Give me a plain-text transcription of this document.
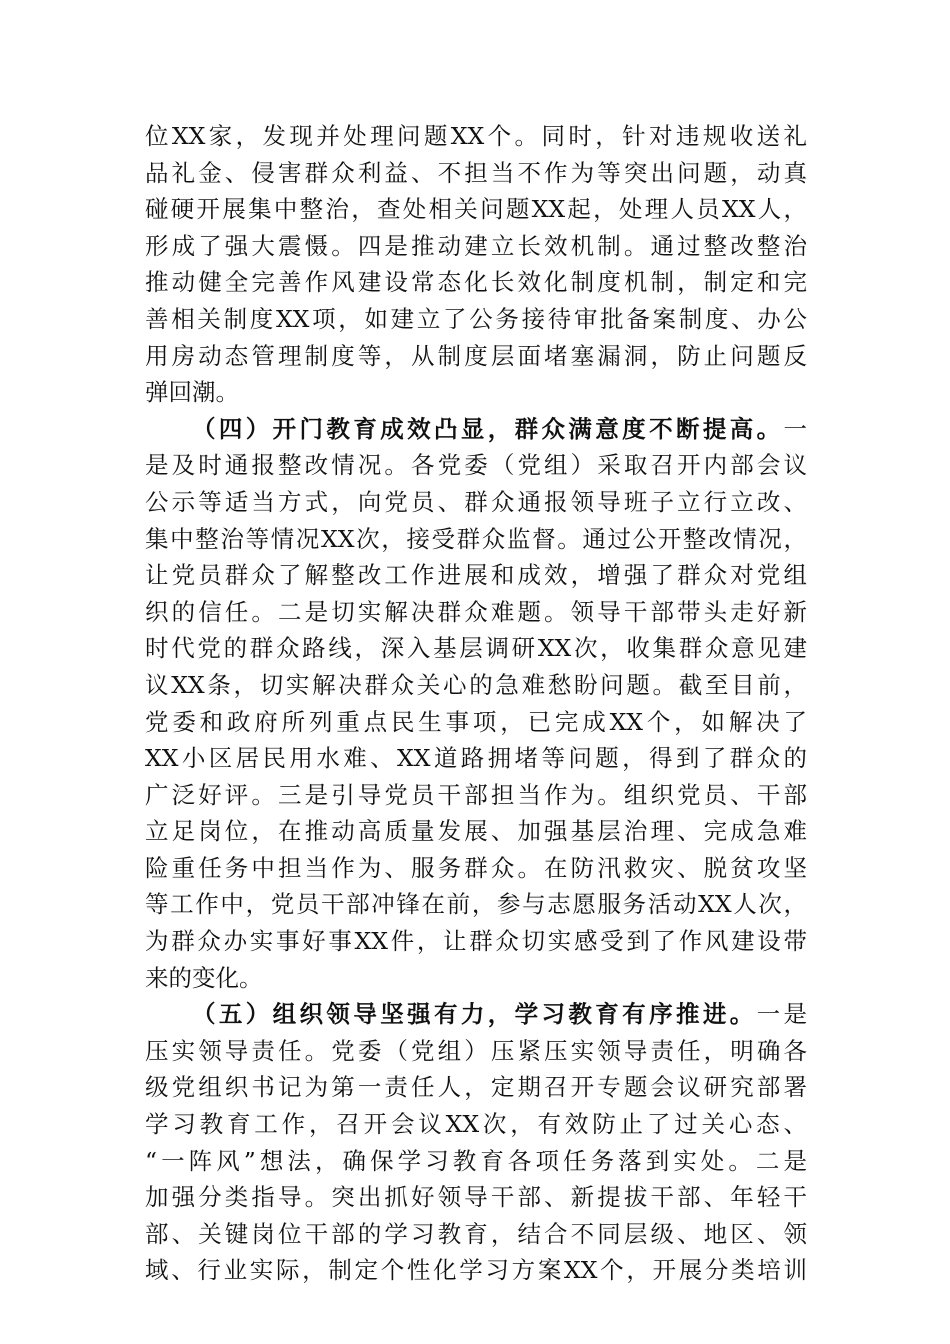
位XX家，发现并处理问题XX个。同时，针对违规收送礼
品礼金、侵害群众利益、不担当不作为等突出问题，动真
碰硬开展集中整治，查处相关问题XX起，处理人员XX人，
形成了强大震慑。四是推动建立长效机制。通过整改整治
推动健全完善作风建设常态化长效化制度机制，制定和完
善相关制度XX项，如建立了公务接待审批备案制度、办公
用房动态管理制度等，从制度层面堵塞漏洞，防止问题反
弹回潮。
（四）开门教育成效凸显，群众满意度不断提高。一
是及时通报整改情况。各党委（党组）采取召开内部会议
公示等适当方式，向党员、群众通报领导班子立行立改、
集中整治等情况XX次，接受群众监督。通过公开整改情况，
让党员群众了解整改工作进展和成效，增强了群众对党组
织的信任。二是切实解决群众难题。领导干部带头走好新
时代党的群众路线，深入基层调研XX次，收集群众意见建
议XX条，切实解决群众关心的急难愁盼问题。截至目前，
党委和政府所列重点民生事项，已完成XX个，如解决了
XX小区居民用水难、XX道路拥堵等问题，得到了群众的
广泛好评。三是引导党员干部担当作为。组织党员、干部
立足岗位，在推动高质量发展、加强基层治理、完成急难
险重任务中担当作为、服务群众。在防汛救灾、脱贫攻坚
等工作中，党员干部冲锋在前，参与志愿服务活动XX人次，
为群众办实事好事XX件，让群众切实感受到了作风建设带
来的变化。
（五）组织领导坚强有力，学习教育有序推进。一是
压实领导责任。党委（党组）压紧压实领导责任，明确各
级党组织书记为第一责任人，定期召开专题会议研究部署
学习教育工作，召开会议XX次，有效防止了过关心态、
“一阵风”想法，确保学习教育各项任务落到实处。二是
加强分类指导。突出抓好领导干部、新提拔干部、年轻干
部、关键岗位干部的学习教育，结合不同层级、地区、领
域、行业实际，制定个性化学习方案XX个，开展分类培训
